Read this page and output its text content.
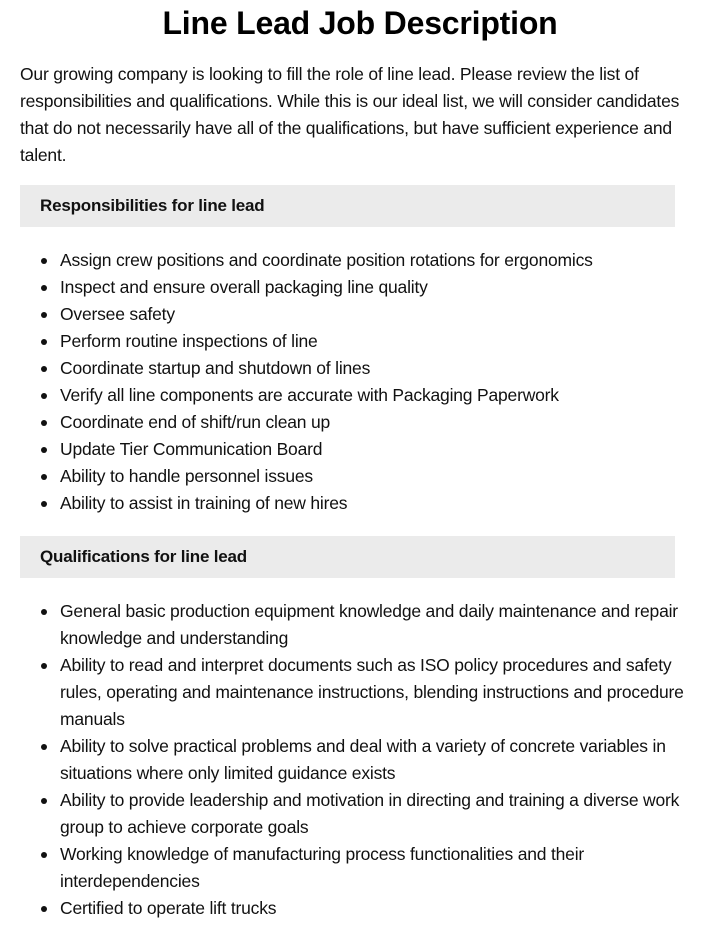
Line Lead Job Description

Our growing company is looking to fill the role of line lead. Please review the list of responsibilities and qualifications. While this is our ideal list, we will consider candidates that do not necessarily have all of the qualifications, but have sufficient experience and talent.

Responsibilities for line lead
Assign crew positions and coordinate position rotations for ergonomics
Inspect and ensure overall packaging line quality
Oversee safety
Perform routine inspections of line
Coordinate startup and shutdown of lines
Verify all line components are accurate with Packaging Paperwork
Coordinate end of shift/run clean up
Update Tier Communication Board
Ability to handle personnel issues
Ability to assist in training of new hires
Qualifications for line lead
General basic production equipment knowledge and daily maintenance and repair knowledge and understanding
Ability to read and interpret documents such as ISO policy procedures and safety rules, operating and maintenance instructions, blending instructions and procedure manuals
Ability to solve practical problems and deal with a variety of concrete variables in situations where only limited guidance exists
Ability to provide leadership and motivation in directing and training a diverse work group to achieve corporate goals
Working knowledge of manufacturing process functionalities and their interdependencies
Certified to operate lift trucks
